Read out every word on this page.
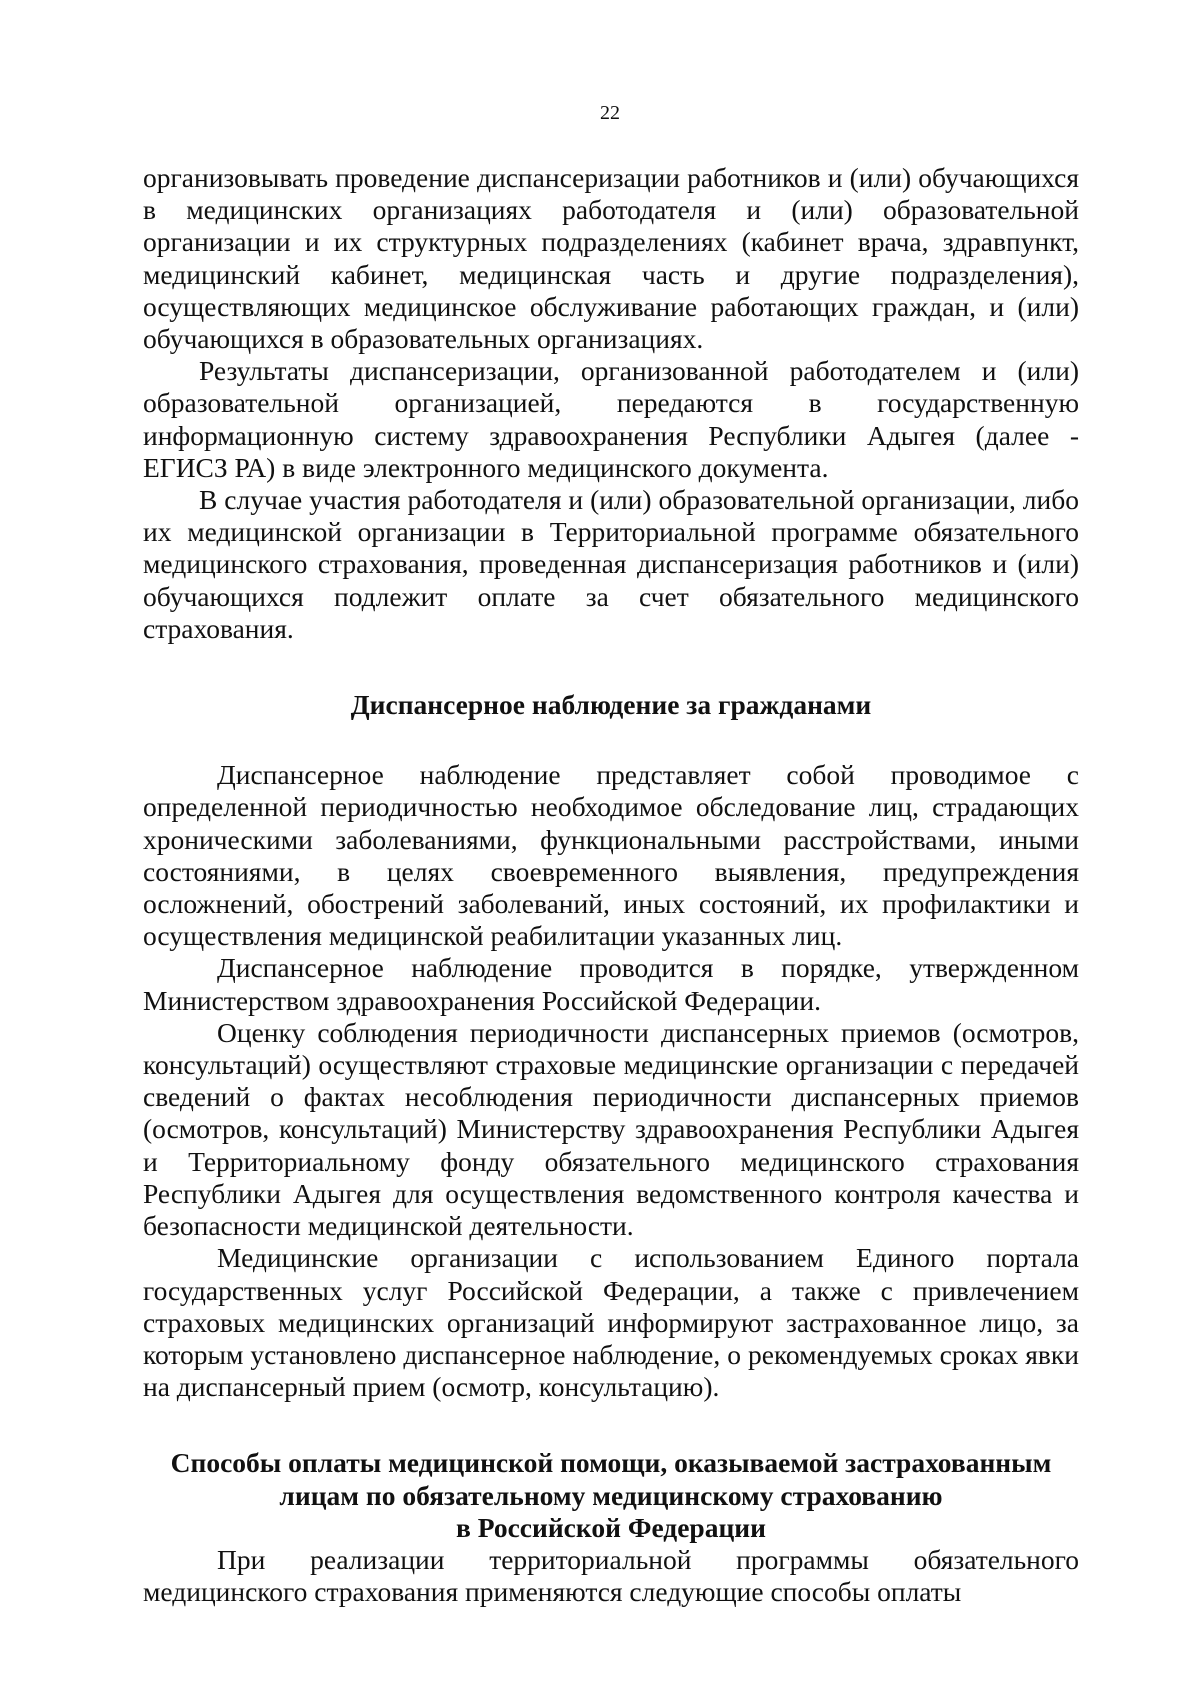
22

организовывать проведение диспансеризации работников и (или) обучающихся в медицинских организациях работодателя и (или) образовательной организации и их структурных подразделениях (кабинет врача, здравпункт, медицинский кабинет, медицинская часть и другие подразделения), осуществляющих медицинское обслуживание работающих граждан, и (или) обучающихся в образовательных организациях.

Результаты диспансеризации, организованной работодателем и (или) образовательной организацией, передаются в государственную информационную систему здравоохранения Республики Адыгея (далее - ЕГИСЗ РА) в виде электронного медицинского документа.

В случае участия работодателя и (или) образовательной организации, либо их медицинской организации в Территориальной программе обязательного медицинского страхования, проведенная диспансеризация работников и (или) обучающихся подлежит оплате за счет обязательного медицинского страхования.

Диспансерное наблюдение за гражданами

Диспансерное наблюдение представляет собой проводимое с определенной периодичностью необходимое обследование лиц, страдающих хроническими заболеваниями, функциональными расстройствами, иными состояниями, в целях своевременного выявления, предупреждения осложнений, обострений заболеваний, иных состояний, их профилактики и осуществления медицинской реабилитации указанных лиц.

Диспансерное наблюдение проводится в порядке, утвержденном Министерством здравоохранения Российской Федерации.

Оценку соблюдения периодичности диспансерных приемов (осмотров, консультаций) осуществляют страховые медицинские организации с передачей сведений о фактах несоблюдения периодичности диспансерных приемов (осмотров, консультаций) Министерству здравоохранения Республики Адыгея и Территориальному фонду обязательного медицинского страхования Республики Адыгея для осуществления ведомственного контроля качества и безопасности медицинской деятельности.

Медицинские организации с использованием Единого портала государственных услуг Российской Федерации, а также с привлечением страховых медицинских организаций информируют застрахованное лицо, за которым установлено диспансерное наблюдение, о рекомендуемых сроках явки на диспансерный прием (осмотр, консультацию).

Способы оплаты медицинской помощи, оказываемой застрахованным
лицам по обязательному медицинскому страхованию
в Российской Федерации

При реализации территориальной программы обязательного медицинского страхования применяются следующие способы оплаты
